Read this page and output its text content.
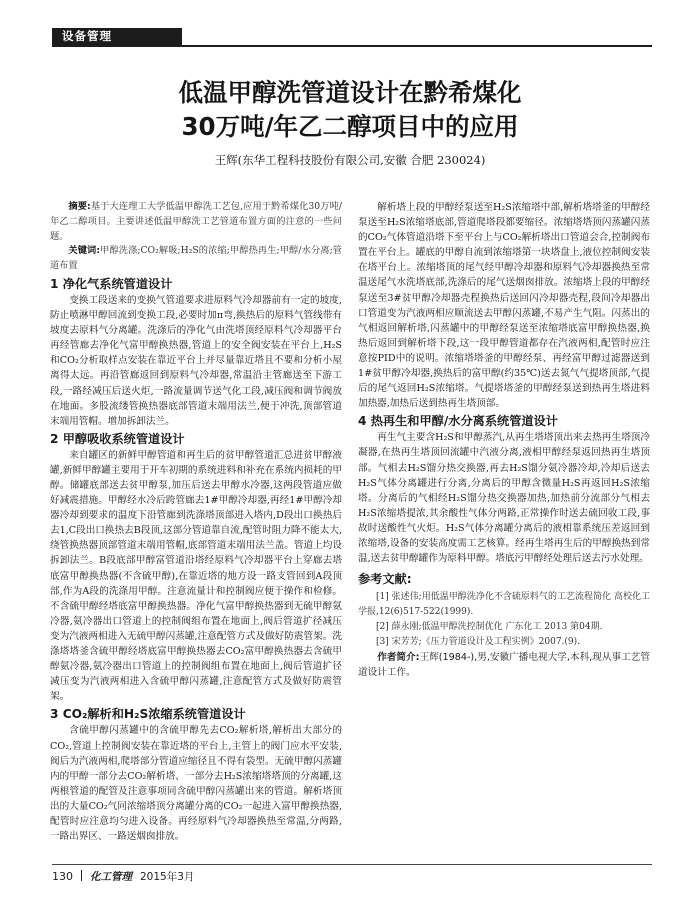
设备管理
低温甲醇洗管道设计在黔希煤化
30万吨/年乙二醇项目中的应用
王辉(东华工程科技股份有限公司,安徽 合肥 230024)

摘要:基于大连理工大学低温甲醇洗工艺包,应用于黔希煤化30万吨/年乙二醇项目。主要讲述低温甲醇洗工艺管道布置方面的注意的一些问题。

关键词:甲醇洗涤;CO₂解吸;H₂S的浓缩;甲醇热再生;甲醇/水分离;管道布置

1 净化气系统管道设计

变换工段送来的变换气管道要求进原料气冷却器前有一定的坡度,防止喷淋甲醇回流到变换工段,必要时加п弯,换热后的原料气管线带有坡度去原料气分离罐。洗涤后的净化气由洗塔顶经原料气冷却器平台再经管廊去净化气富甲醇换热器,管道上的安全阀安装在平台上,H₂S和CO₂分析取样点安装在靠近平台上并尽量靠近塔且不要和分析小屋离得太远。再沿管廊返回到原料气冷却器,常温沿主管廊送至下游工段,一路经减压后送火炬,一路流量调节送气化工段,减压阀和调节阀放在地面。多股流缕管换热器底部管道末端用法兰,便于冲洗,顶部管道末端用管帽。增加拆卸法兰。

2 甲醇吸收系统管道设计

来自罐区的新鲜甲醇管道和再生后的贫甲醇管道汇总进贫甲醇液罐,新鲜甲醇罐主要用于开车初期的系统进料和补充在系统内损耗的甲醇。储罐底部送去贫甲醇泵,加压后送去甲醇水冷器,这两段管道应做好减震措施。甲醇经水冷后跨管廊去1#甲醇冷却器,再经1#甲醇冷却器冷却到要求的温度下沿管廊到洗涤塔顶部进入塔内,D段出口换热后去1,C段出口换热去B段顶,这部分管道靠自流,配管时阻力降不能太大,绕管换热器顶部管道末端用管帽,底部管道末端用法兰盖。管道上均设拆卸法兰。B段底部甲醇富管道沿塔经原料气冷却器平台上穿廊去塔底富甲醇换热器(不含硫甲醇),在靠近塔的地方设一路支管回到A段顶部,作为A段的洗涤用甲醇。注意流量计和控制阀应便于操作和检修。不含硫甲醇经塔底富甲醇换热器。净化气富甲醇换热器到无硫甲醇氨冷器,氨冷器出口管道上的控制阀组布置在地面上,阀后管道扩径减压变为汽液两相进入无硫甲醇闪蒸罐,注意配管方式及做好防震管架。洗涤塔塔釜含硫甲醇经塔底富甲醇换热器去CO₂富甲醇换热器去含硫甲醇氨冷器,氨冷器出口管道上的控制阀组布置在地面上,阀后管道扩径减压变为汽液两相进入含硫甲醇闪蒸罐,注意配管方式及做好防震管架。

3 CO₂解析和H₂S浓缩系统管道设计

含硫甲醇闪蒸罐中的含硫甲醇先去CO₂解析塔,解析出大部分的CO₂,管道上控制阀安装在靠近塔的平台上,主管上的阀门应水平安装,阀后为汽液两相,爬塔部分管道应缩径且不得有袋型。无硫甲醇闪蒸罐内的甲醇一部分去CO₂解析塔、一部分去H₂S浓缩塔塔顶的分离罐,这两根管道的配管及注意事项同含硫甲醇闪蒸罐出来的管道。解析塔顶出的大量CO₂气同浓缩塔顶分离罐分离的CO₂一起进入富甲醇换热器,配管时应注意均匀进入设备。再经原料气冷却器换热至常温,分两路,一路出界区、一路送烟囱排放。

解析塔上段的甲醇经泵送至H₂S浓缩塔中部,解析塔塔釜的甲醇经泵送至H₂S浓缩塔底部,管道爬塔段都要缩径。浓缩塔塔顶闪蒸罐闪蒸的CO₂气体管道沿塔下至平台上与CO₂解析塔出口管道会合,控制阀布置在平台上。罐底的甲醇自流到浓缩塔第一块塔盘上,液位控制阀安装在塔平台上。浓缩塔顶的尾气经甲醇冷却器和原料气冷却器换热至常温送尾气水洗塔底部,洗涤后的尾气送烟囱排放。浓缩塔上段的甲醇经泵送至3#贫甲醇冷却器壳程换热后送回闪冷却器壳程,段间冷却器出口管道变为汽液两相应顺流送去甲醇闪蒸罐,不易产生气阻。闪蒸出的气相返回解析塔,闪蒸罐中的甲醇经泵送至浓缩塔底富甲醇换热器,换热后返回到解析塔下段,这一段甲醇管道都存在汽液两相,配管时应注意按PID中的说明。浓缩塔塔釜的甲醇经泵、再经富甲醇过滤器送到1#贫甲醇冷却器,换热后的富甲醇(约35℃)送去氮气气提塔顶部,气提后的尾气返回H₂S浓缩塔。气提塔塔釜的甲醇经泵送到热再生塔进料加热器,加热后送到热再生塔顶部。

4 热再生和甲醇/水分离系统管道设计

再生气主要含H₂S和甲醇蒸汽,从再生塔塔顶出来去热再生塔顶冷凝器,在热再生塔顶回流罐中汽液分离,液相甲醇经泵返回热再生塔顶部。气相去H₂S馏分热交换器,再去H₂S馏分氨冷器冷却,冷却后送去H₂S气体分离罐进行分离,分离后的甲醇含微量H₂S再返回H₂S浓缩塔。分离后的气相经H₂S馏分热交换器加热,加热前分流部分气相去H₂S浓缩塔提浓,其余酸性气体分两路,正常操作时送去硫回收工段,事故时送酸性气火炬。H₂S气体分离罐分离后的液相靠系统压差返回到浓缩塔,设备的安装高度需工艺核算。经再生塔再生后的甲醇换热到常温,送去贫甲醇罐作为原料甲醇。塔底污甲醇经处理后送去污水处理。

参考文献:
[1] 张述伟;用低温甲醇洗净化不含硫原料气的工艺流程简化 高校化工学报,12(6)517-522(1999).
[2] 薛永刚;低温甲醇洗控制优化 广东化工 2013 第04期.
[3] 宋芳芳;《压力管道设计及工程实例》2007.(9).
作者简介:王辉(1984-),男,安徽广播电视大学,本科,现从事工艺管道设计工作。
130 化工管理 2015年3月
